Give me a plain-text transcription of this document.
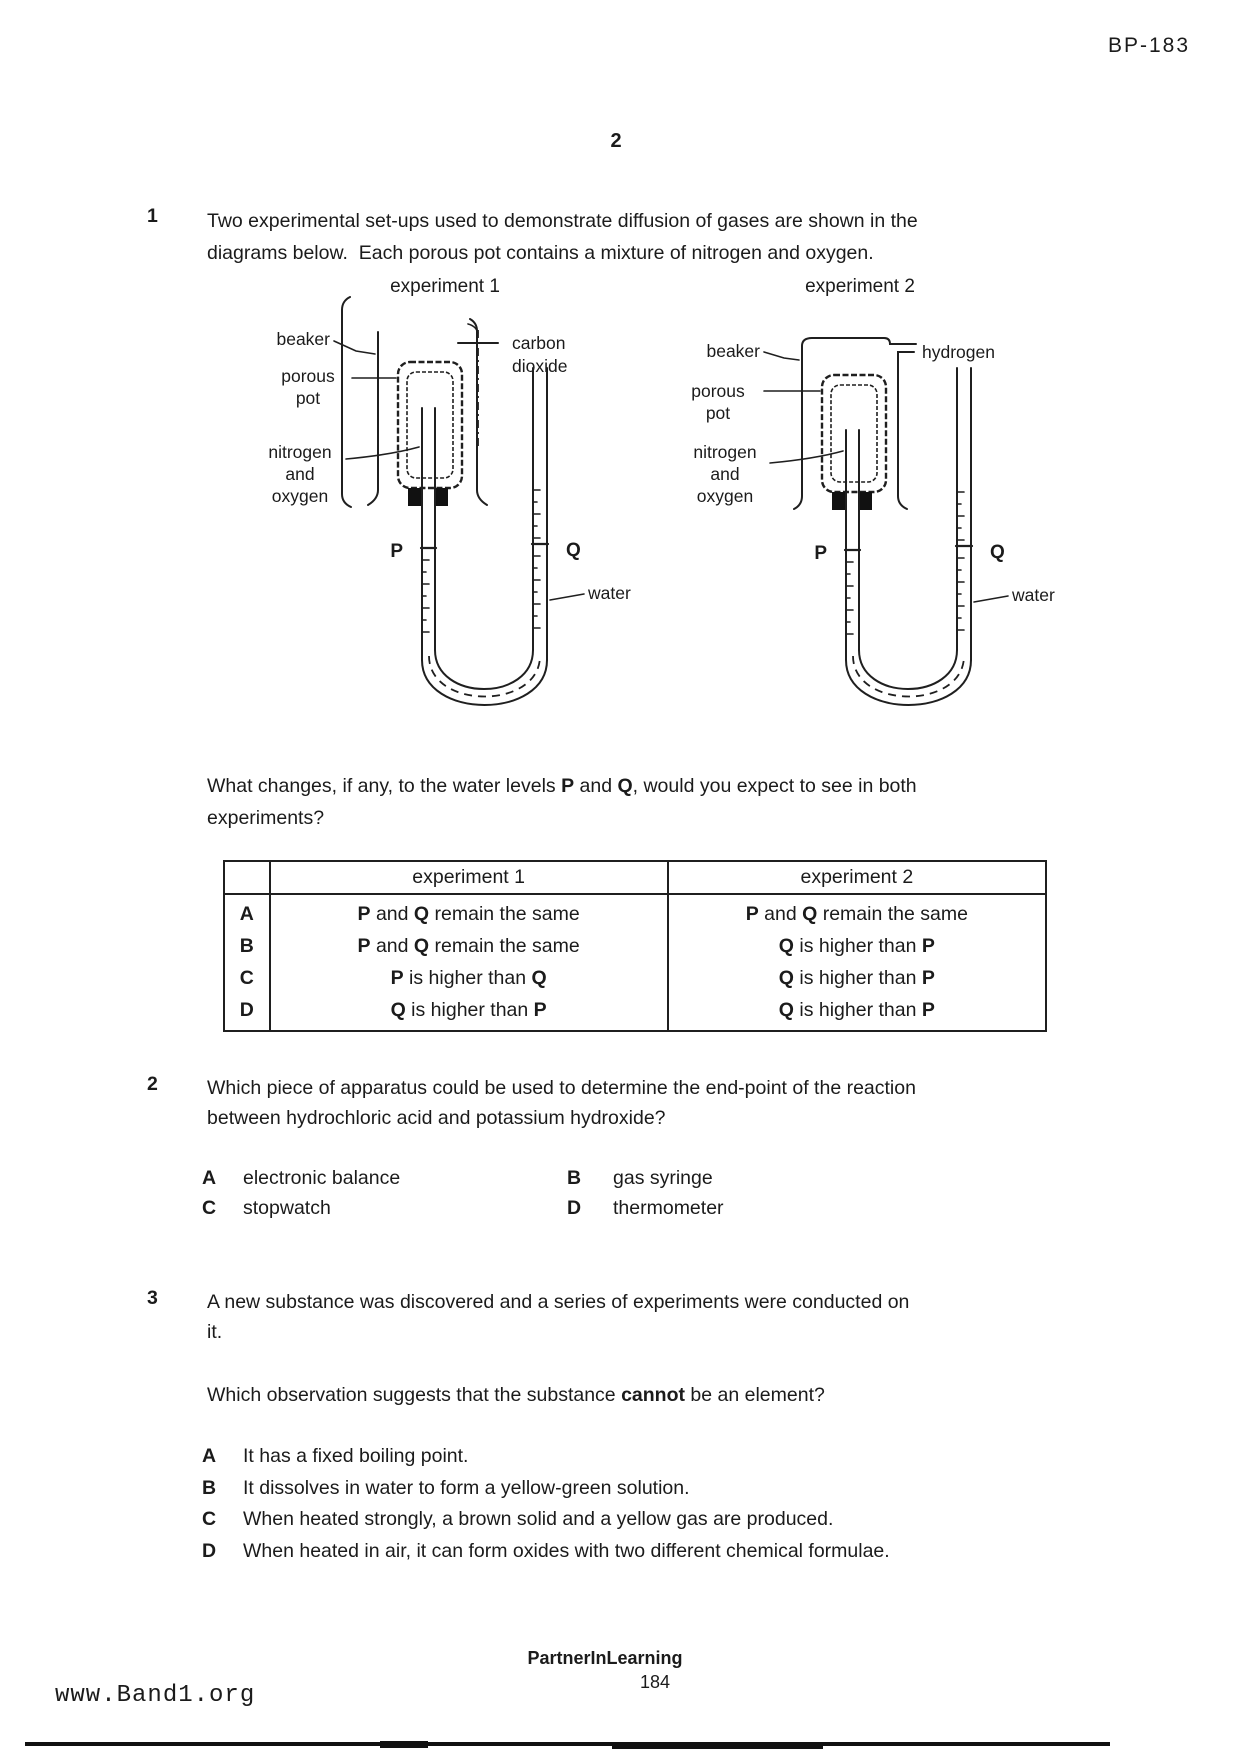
BP-183
2
1	Two experimental set-ups used to demonstrate diffusion of gases are shown in the
diagrams below.  Each porous pot contains a mixture of nitrogen and oxygen.
experiment 1
carbon
dioxide
P	Q
water
beaker
porous
pot
nitrogen
and
oxygen
experiment 2
hydrogen
P	Q
water
beaker
porous
pot
nitrogen
and
oxygen
What changes, if any, to the water levels P and Q, would you expect to see in both
experiments?
	experiment 1	experiment 2
A	P and Q remain the same	P and Q remain the same
B	P and Q remain the same	Q is higher than P
C	P is higher than Q	Q is higher than P
D	Q is higher than P	Q is higher than P
2	Which piece of apparatus could be used to determine the end-point of the reaction
between hydrochloric acid and potassium hydroxide?
A electronic balance	B gas syringe
C stopwatch	D thermometer
3	A new substance was discovered and a series of experiments were conducted on
it.
Which observation suggests that the substance cannot be an element?
A It has a fixed boiling point.
B It dissolves in water to form a yellow-green solution.
C When heated strongly, a brown solid and a yellow gas are produced.
D When heated in air, it can form oxides with two different chemical formulae.
PartnerInLearning
184
www.Band1.org
